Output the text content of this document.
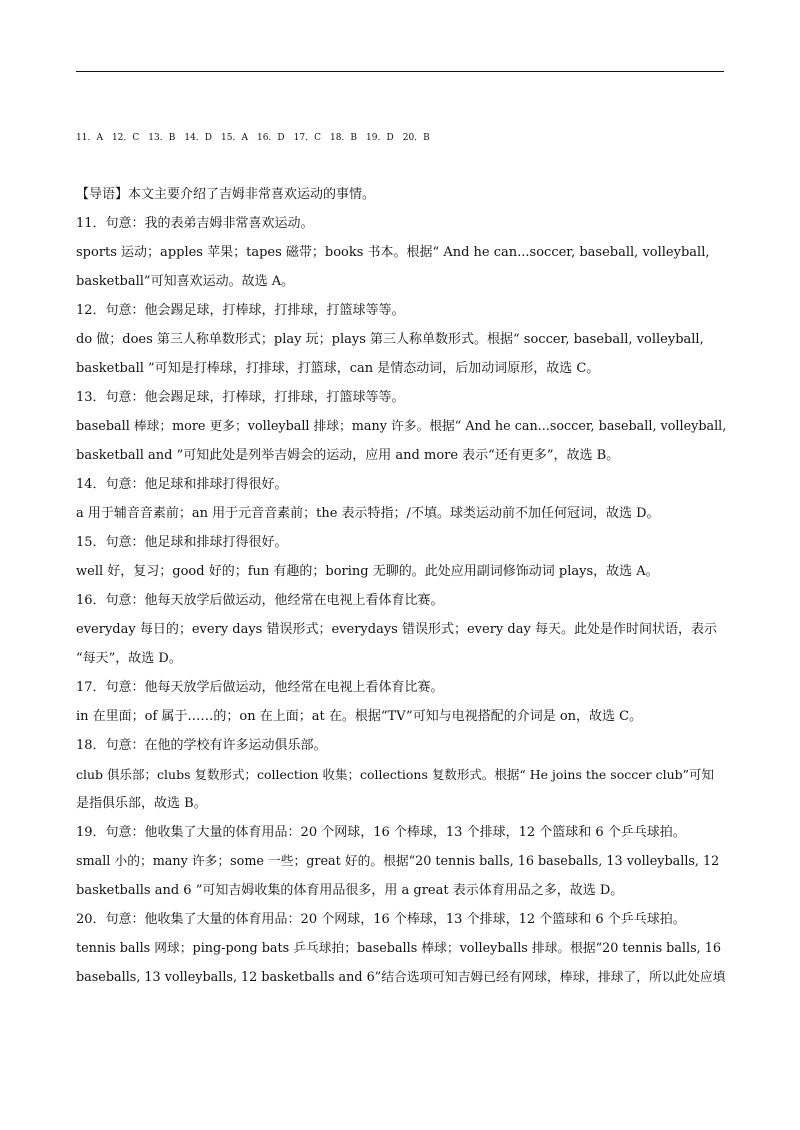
11．A　12．C　13．B　14．D　15．A　16．D　17．C　18．B　19．D　20．B

【导语】本文主要介绍了吉姆非常喜欢运动的事情。

11．句意：我的表弟吉姆非常喜欢运动。

sports 运动；apples 苹果；tapes 磁带；books 书本。根据“ And he can...soccer, baseball, volleyball,

basketball”可知喜欢运动。故选 A。

12．句意：他会踢足球，打棒球，打排球，打篮球等等。

do 做；does 第三人称单数形式；play 玩；plays 第三人称单数形式。根据“ soccer, baseball, volleyball,

basketball ”可知是打棒球，打排球，打篮球，can 是情态动词，后加动词原形，故选 C。

13．句意：他会踢足球，打棒球，打排球，打篮球等等。

baseball 棒球；more 更多；volleyball 排球；many 许多。根据“ And he can...soccer, baseball, volleyball,

basketball and ”可知此处是列举吉姆会的运动，应用 and more 表示“还有更多”，故选 B。

14．句意：他足球和排球打得很好。

a 用于辅音音素前；an 用于元音音素前；the 表示特指；/不填。球类运动前不加任何冠词，故选 D。

15．句意：他足球和排球打得很好。

well 好，复习；good 好的；fun 有趣的；boring 无聊的。此处应用副词修饰动词 plays，故选 A。

16．句意：他每天放学后做运动，他经常在电视上看体育比赛。

everyday 每日的；every days 错误形式；everydays 错误形式；every day 每天。此处是作时间状语，表示

“每天”，故选 D。

17．句意：他每天放学后做运动，他经常在电视上看体育比赛。

in 在里面；of 属于……的；on 在上面；at 在。根据“TV”可知与电视搭配的介词是 on，故选 C。

18．句意：在他的学校有许多运动俱乐部。

club 俱乐部；clubs 复数形式；collection 收集；collections 复数形式。根据“ He joins the soccer club”可知

是指俱乐部，故选 B。

19．句意：他收集了大量的体育用品：20 个网球，16 个棒球，13 个排球，12 个篮球和 6 个乒乓球拍。

small 小的；many 许多；some 一些；great 好的。根据“20 tennis balls, 16 baseballs, 13 volleyballs, 12

basketballs and 6 ”可知吉姆收集的体育用品很多，用 a great 表示体育用品之多，故选 D。

20．句意：他收集了大量的体育用品：20 个网球，16 个棒球，13 个排球，12 个篮球和 6 个乒乓球拍。

tennis balls 网球；ping-pong bats 乒乓球拍；baseballs 棒球；volleyballs 排球。根据“20 tennis balls, 16

baseballs, 13 volleyballs, 12 basketballs and 6”结合选项可知吉姆已经有网球，棒球，排球了，所以此处应填
